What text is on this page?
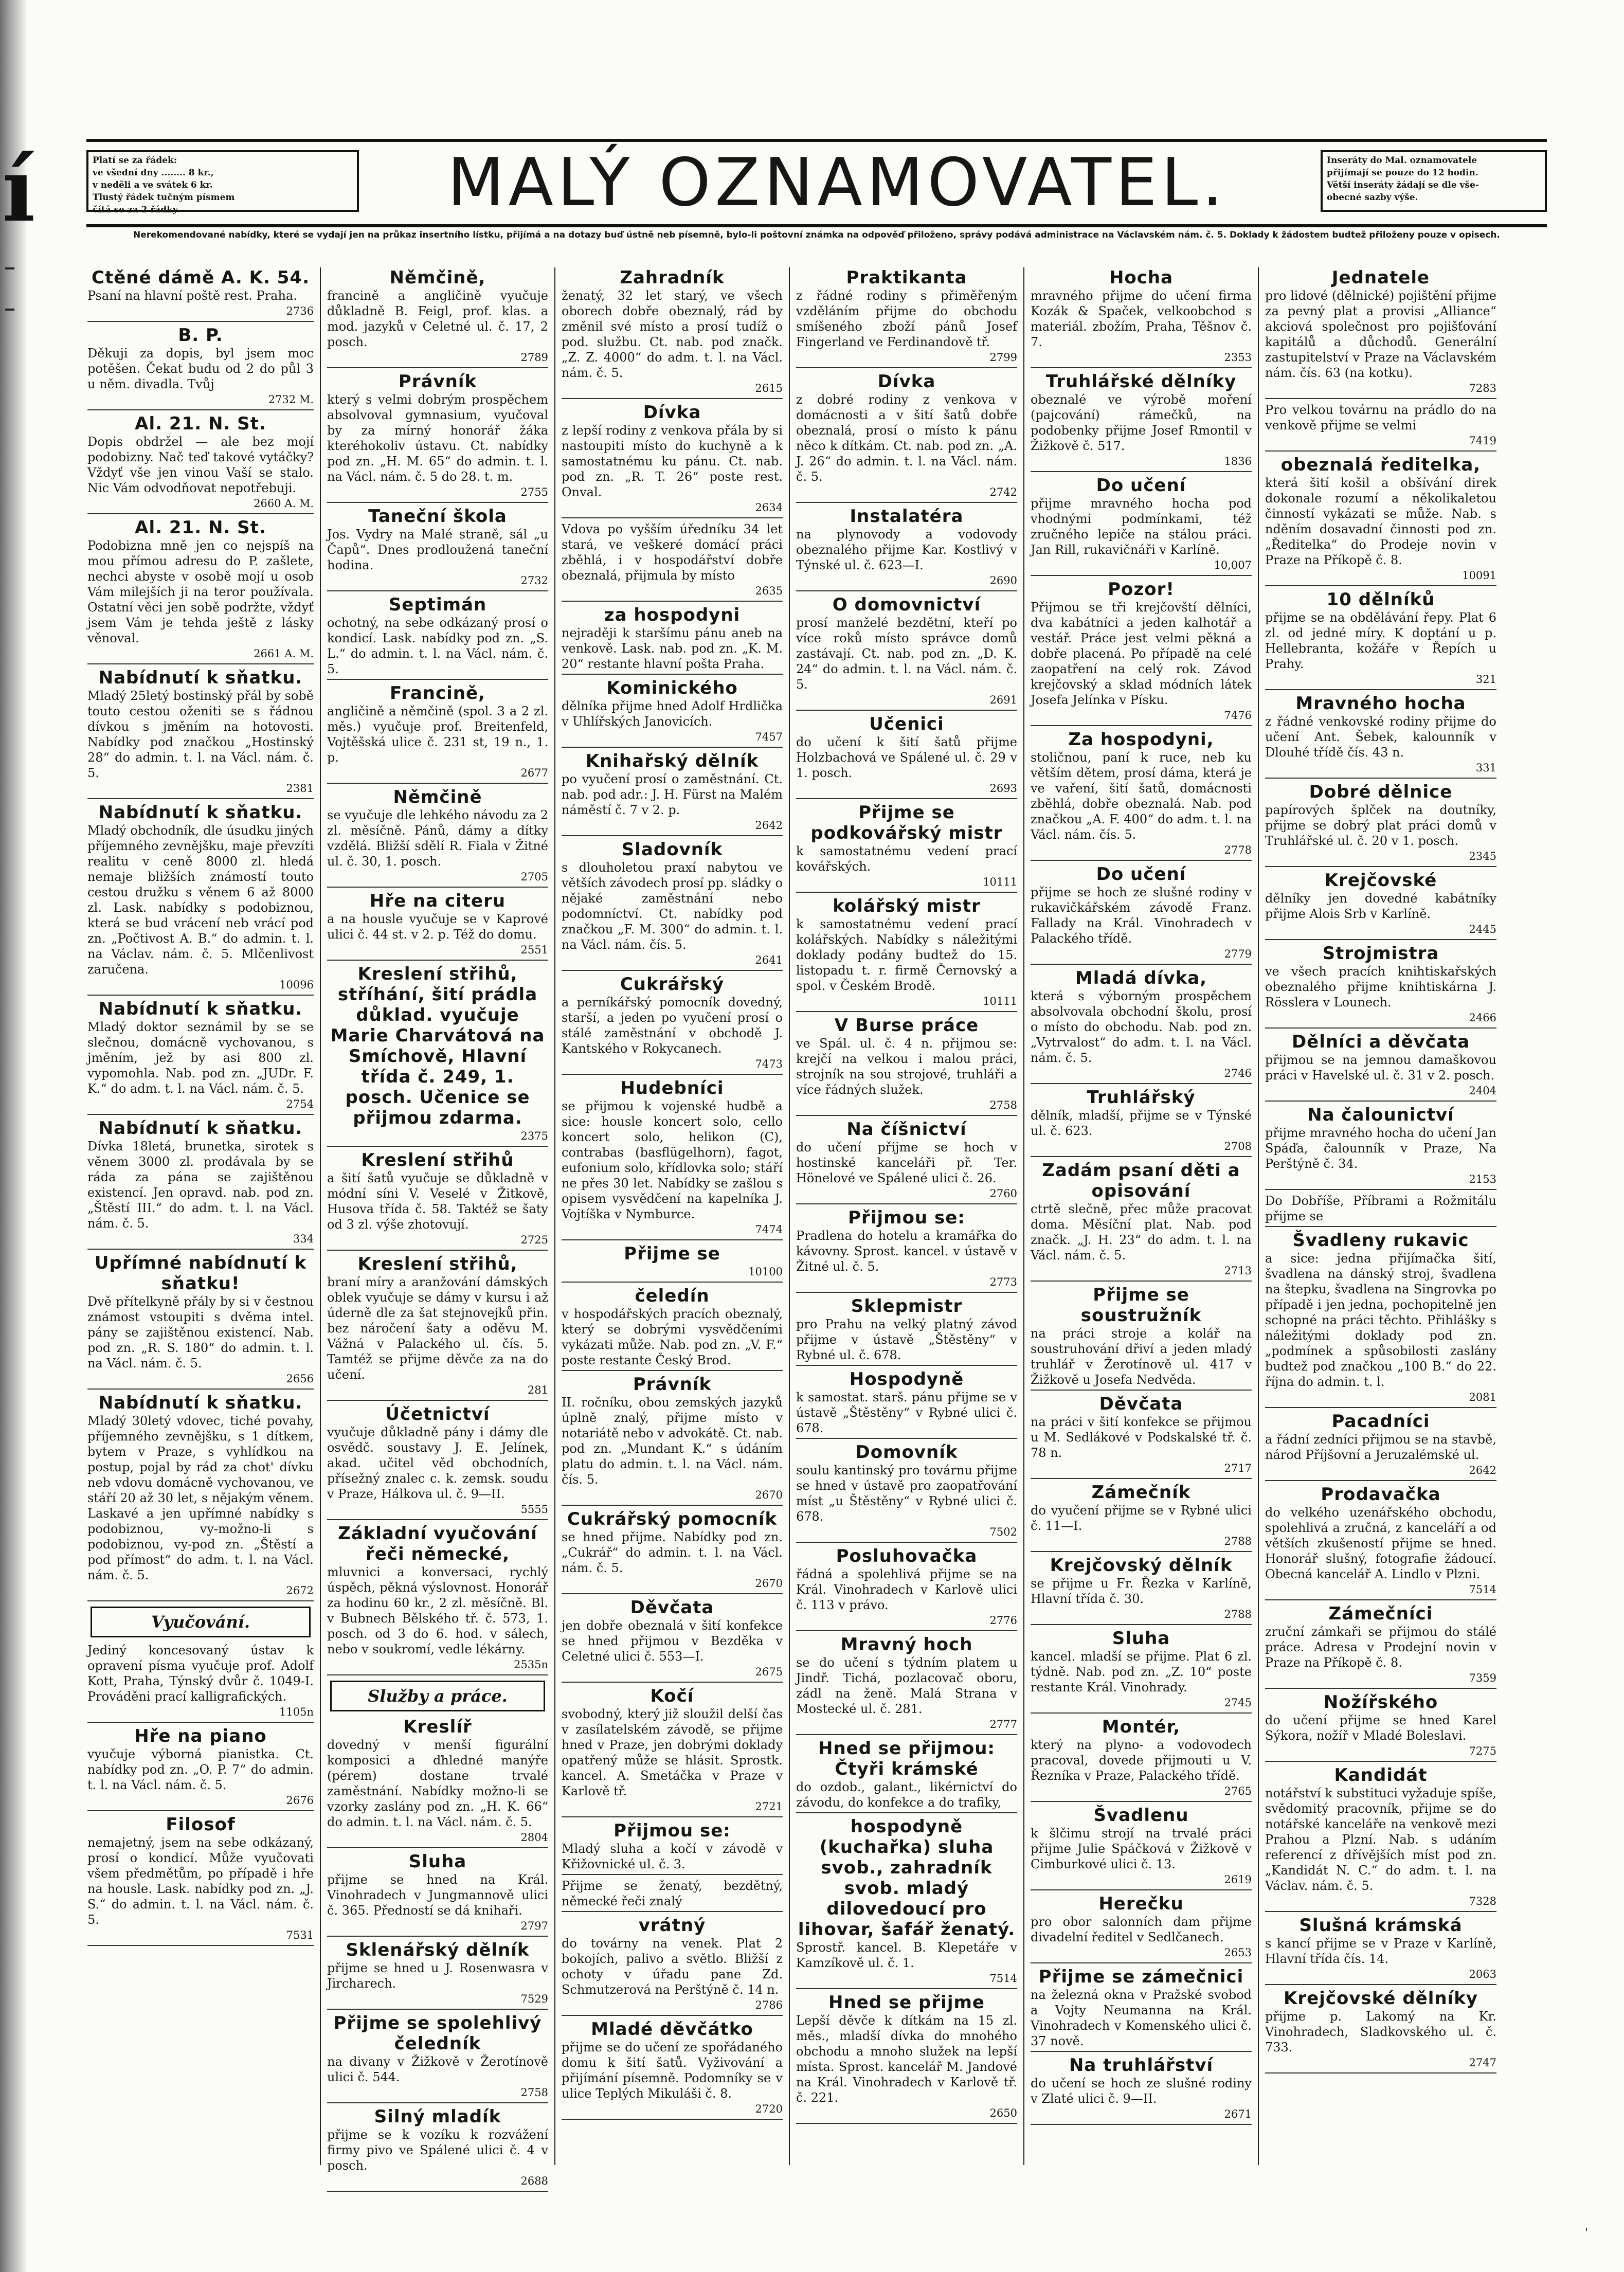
í	Platí se za řádek:
ve všední dny ........ 8 kr.,
v neděli a ve svátek 6 kr.
Tlustý řádek tučným písmem
čítá se za 2 řádky.	MALÝ OZNAMOVATEL.	Inseráty do Mal. oznamovatele
přijímají se pouze do 12 hodin.
Větší inseráty žádají se dle vše-
obecné sazby výše.
Nerekomendované nabídky, které se vydají jen na průkaz insertního lístku, přijímá a na dotazy buď ústně neb písemně, bylo-li poštovní známka na odpověď přiloženo, správy podává administrace na Václavském nám. č. 5. Doklady k žádostem budtež přiloženy pouze v opisech.
Ctěné dámě A. K. 54.
Psaní na hlavní poště rest. Praha.
2736
B. P.
Děkuji za dopis, byl jsem moc potěšen. Čekat budu od 2 do půl 3 u něm. divadla. Tvůj
2732 M.
Al. 21. N. St.
Dopis obdržel — ale bez mojí podobizny. Nač teď takové vytáčky? Vždyť vše jen vinou Vaší se stalo. Nic Vám odvodňovat nepotřebuji.
2660 A. M.
Al. 21. N. St.
Podobizna mně jen co nejspíš na mou přímou adresu do P. zašlete, nechci abyste v osobě mojí u osob Vám milejších ji na teror používala. Ostatní věci jen sobě podržte, vždyť jsem Vám je tehda ještě z lásky věnoval.
2661 A. M.
Nabídnutí k sňatku.
Mladý 25letý bostinský přál by sobě touto cestou oženiti se s řádnou dívkou s jměním na hotovosti. Nabídky pod značkou „Hostinský 28“ do admin. t. l. na Václ. nám. č. 5.
2381
Nabídnutí k sňatku.
Mladý obchodník, dle úsudku jiných příjemného zevnějšku, maje převzíti realitu v ceně 8000 zl. hledá nemaje bližších známostí touto cestou družku s věnem 6 až 8000 zl. Lask. nabídky s podobiznou, která se bud vrácení neb vrácí pod zn. „Počtivost A. B.“ do admin. t. l. na Václav. nám. č. 5. Mlčenlivost zaručena.
10096
Nabídnutí k sňatku.
Mladý doktor seznámil by se se slečnou, domácně vychovanou, s jměním, jež by asi 800 zl. vypomohla. Nab. pod zn. „JUDr. F. K.“ do adm. t. l. na Václ. nám. č. 5.
2754
Nabídnutí k sňatku.
Dívka 18letá, brunetka, sirotek s věnem 3000 zl. prodávala by se ráda za pána se zajištěnou existencí. Jen opravd. nab. pod zn. „Štěstí III.“ do adm. t. l. na Václ. nám. č. 5.
334
Upřímné nabídnutí k sňatku!
Dvě přítelkyně přály by si v čestnou známost vstoupiti s dvěma intel. pány se zajištěnou existencí. Nab. pod zn. „R. S. 180“ do admin. t. l. na Václ. nám. č. 5.
2656
Nabídnutí k sňatku.
Mladý 30letý vdovec, tiché povahy, příjemného zevnějšku, s 1 dítkem, bytem v Praze, s vyhlídkou na postup, pojal by rád za chot' dívku neb vdovu domácně vychovanou, ve stáří 20 až 30 let, s nějakým věnem. Laskavé a jen upřímné nabídky s podobiznou, vy-možno-li s podobiznou, vy-pod zn. „Štěstí a pod přímost“ do adm. t. l. na Václ. nám. č. 5.
2672
Vyučování.
Jediný koncesovaný ústav k opravení písma vyučuje prof. Adolf Kott, Praha, Týnský dvůr č. 1049-I. Prováděni prací kalligrafických.
1105n
Hře na piano
vyučuje výborná pianistka. Ct. nabídky pod zn. „O. P. 7“ do admin. t. l. na Václ. nám. č. 5.
2676
Filosof
nemajetný, jsem na sebe odkázaný, prosí o kondicí. Může vyučovati všem předmětům, po případě i hře na housle. Lask. nabídky pod zn. „J. S.“ do admin. t. l. na Václ. nám. č. 5.
7531
Němčině,
francině a angličině vyučuje důkladně B. Feigl, prof. klas. a mod. jazyků v Celetné ul. č. 17, 2 posch.
2789
Právník
který s velmi dobrým prospěchem absolvoval gymnasium, vyučoval by za mírný honorář žáka kteréhokoliv ústavu. Ct. nabídky pod zn. „H. M. 65“ do admin. t. l. na Václ. nám. č. 5 do 28. t. m.
2755
Taneční škola
Jos. Vydry na Malé straně, sál „u Čapů“. Dnes prodloužená taneční hodina.
2732
Septimán
ochotný, na sebe odkázaný prosí o kondicí. Lask. nabídky pod zn. „S. L.“ do admin. t. l. na Václ. nám. č. 5.
Francině,
angličině a němčině (spol. 3 a 2 zl. měs.) vyučuje prof. Breitenfeld, Vojtěšská ulice č. 231 st, 19 n., 1. p.
2677
Němčině
se vyučuje dle lehkého návodu za 2 zl. měsíčně. Pánů, dámy a dítky vzdělá. Bližší sdělí R. Fiala v Žitné ul. č. 30, 1. posch.
2705
Hře na citeru
a na housle vyučuje se v Kaprové ulici č. 44 st. v 2. p. Též do domu.
2551
Kreslení střihů, stříhání, šití prádla důklad. vyučuje Marie Charvátová na Smíchově, Hlavní třída č. 249, 1. posch. Učenice se přijmou zdarma.
2375
Kreslení střihů
a šití šatů vyučuje se důkladně v módní síni V. Veselé v Žitkově, Husova třída č. 58. Taktéž se šaty od 3 zl. výše zhotovují.
2725
Kreslení střihů,
braní míry a aranžování dámských oblek vyučuje se dámy v kursu i až úderně dle za šat stejnovejků přin. bez náročení šaty a oděvu M. Vážná v Palackého ul. čís. 5. Tamtéž se přijme děvče za na do učení.
281
Účetnictví
vyučuje důkladně pány i dámy dle osvědč. soustavy J. E. Jelínek, akad. učitel věd obchodních, přísežný znalec c. k. zemsk. soudu v Praze, Hálkova ul. č. 9—II.
5555
Základní vyučování řeči německé,
mluvnici a konversaci, rychlý úspěch, pěkná výslovnost. Honorář za hodinu 60 kr., 2 zl. měsíčně. Bl. v Bubnech Bělského tř. č. 573, 1. posch. od 3 do 6. hod. v sálech, nebo v soukromí, vedle lékárny.
2535n
Služby a práce.
Kreslíř
dovedný v menší figurální komposici a ďhledné manýře (pérem) dostane trvalé zaměstnání. Nabídky možno-li se vzorky zaslány pod zn. „H. K. 66“ do admin. t. l. na Václ. nám. č. 5.
2804
Sluha
přijme se hned na Král. Vinohradech v Jungmannově ulici č. 365. Předností se dá knihaři.
2797
Sklenářský dělník
přijme se hned u J. Rosenwasra v Jircharech.
7529
Přijme se spolehlivý čeledník
na divany v Žižkově v Žerotínově ulici č. 544.
2758
Silný mladík
přijme se k vozíku k rozvážení firmy pivo ve Spálené ulici č. 4 v posch.
2688
Zahradník
ženatý, 32 let starý, ve všech oborech dobře obeznalý, rád by změnil své místo a prosí tudíž o pod. službu. Ct. nab. pod značk. „Z. Z. 4000“ do adm. t. l. na Václ. nám. č. 5.
2615
Dívka
z lepší rodiny z venkova přála by si nastoupiti místo do kuchyně a k samostatnému ku pánu. Ct. nab. pod zn. „R. T. 26“ poste rest. Onval.
2634
Vdova po vyšším úředníku 34 let stará, ve veškeré domácí práci zběhlá, i v hospodářství dobře obeznalá, přijmula by místo
2635
za hospodyni
nejraději k staršímu pánu aneb na venkově. Lask. nab. pod zn. „K. M. 20“ restante hlavní pošta Praha.
Kominického
dělníka přijme hned Adolf Hrdlička v Uhlířských Janovicích.
7457
Knihařský dělník
po vyučení prosí o zaměstnání. Ct. nab. pod adr.: J. H. Fürst na Malém náměstí č. 7 v 2. p.
2642
Sladovník
s dlouholetou praxí nabytou ve větších závodech prosí pp. sládky o nějaké zaměstnání nebo podomníctví. Ct. nabídky pod značkou „F. M. 300“ do admin. t. l. na Václ. nám. čís. 5.
2641
Cukrářský
a perníkářský pomocník dovedný, starší, a jeden po vyučení prosí o stálé zaměstnání v obchodě J. Kantského v Rokycanech.
7473
Hudebníci
se přijmou k vojenské hudbě a sice: housle koncert solo, cello koncert solo, helikon (C), contrabas (basflügelhorn), fagot, eufonium solo, křídlovka solo; stáří ne přes 30 let. Nabídky se zašlou s opisem vysvědčení na kapelníka J. Vojtíška v Nymburce.
7474
Přijme se
10100
čeledín
v hospodářských pracích obeznalý, který se dobrými vysvědčeními vykázati může. Nab. pod zn. „V. F.“ poste restante Český Brod.
Právník
II. ročníku, obou zemských jazyků úplně znalý, přijme místo v notariátě nebo v advokátě. Ct. nab. pod zn. „Mundant K.“ s údáním platu do admin. t. l. na Václ. nám. čís. 5.
2670
Cukrářský pomocník
se hned přijme. Nabídky pod zn. „Cukrář“ do admin. t. l. na Václ. nám. č. 5.
2670
Děvčata
jen dobře obeznalá v šití konfekce se hned přijmou v Bezděka v Celetné ulici č. 553—I.
2675
Kočí
svobodný, který již sloužil delší čas v zasílatelském závodě, se přijme hned v Praze, jen dobrými doklady opatřený může se hlásit. Sprostk. kancel. A. Smetáčka v Praze v Karlově tř.
2721
Přijmou se:
Mladý sluha a kočí v závodě v Křižovnické ul. č. 3.
Přijme se ženatý, bezdětný, německé řeči znalý
vrátný
do továrny na venek. Plat 2 bokojích, palivo a světlo. Bližší z ochoty v úřadu pane Zd. Schmutzerová na Perštýně č. 14 n.
2786
Mladé děvčátko
přijme se do učení ze spořádaného domu k šití šatů. Vyživování a přijímání písemně. Podomníky se v ulice Teplých Mikuláši č. 8.
2720
Praktikanta
z řádné rodiny s přiměřeným vzděláním přijme do obchodu smíšeného zboží pánů Josef Fingerland ve Ferdinandově tř.
2799
Dívka
z dobré rodiny z venkova v domácnosti a v šití šatů dobře obeznalá, prosí o místo k pánu něco k dítkám. Ct. nab. pod zn. „A. J. 26“ do admin. t. l. na Václ. nám. č. 5.
2742
Instalatéra
na plynovody a vodovody obeznalého přijme Kar. Kostlivý v Týnské ul. č. 623—I.
2690
O domovnictví
prosí manželé bezdětní, kteří po více roků místo správce domů zastávají. Ct. nab. pod zn. „D. K. 24“ do admin. t. l. na Václ. nám. č. 5.
2691
Učenici
do učení k šití šatů přijme Holzbachová ve Spálené ul. č. 29 v 1. posch.
2693
Přijme se podkovářský mistr
k samostatnému vedení prací kovářských.
10111
kolářský mistr
k samostatnému vedení prací kolářských. Nabídky s náležitými doklady podány budtež do 15. listopadu t. r. firmě Černovský a spol. v Českém Brodě.
10111
V Burse práce
ve Spál. ul. č. 4 n. přijmou se: krejčí na velkou i malou práci, strojník na sou strojové, truhláři a více řádných služek.
2758
Na číšnictví
do učení přijme se hoch v hostinské kanceláři př. Ter. Hönelové ve Spálené ulici č. 26.
2760
Přijmou se:
Pradlena do hotelu a kramářka do kávovny. Sprost. kancel. v ústavě v Žitné ul. č. 5.
2773
Sklepmistr
pro Prahu na velký platný závod přijme v ústavě „Štěstěny“ v Rybné ul. č. 678.
Hospodyně
k samostat. starš. pánu přijme se v ústavě „Štěstěny“ v Rybné ulici č. 678.
Domovník
soulu kantinský pro továrnu přijme se hned v ústavě pro zaopatřování míst „u Štěstěny“ v Rybné ulici č. 678.
7502
Posluhovačka
řádná a spolehlivá přijme se na Král. Vinohradech v Karlově ulici č. 113 v právo.
2776
Mravný hoch
se do učení s týdním platem u Jindř. Tichá, pozlacovač oboru, zádl na ženě. Malá Strana v Mostecké ul. č. 281.
2777
Hned se přijmou: Čtyři krámské
do ozdob., galant., likérnictví do závodu, do konfekce a do trafiky,
hospodyně (kuchařka) sluha svob., zahradník svob. mladý dilovedoucí pro lihovar, šafář ženatý.
Sprostř. kancel. B. Klepetáře v Kamzíkově ul. č. 1.
7514
Hned se přijme
Lepší děvče k dítkám na 15 zl. měs., mladší dívka do mnohého obchodu a mnoho služek na lepší místa. Sprost. kancelář M. Jandové na Král. Vinohradech v Karlově tř. č. 221.
2650
Hocha
mravného přijme do učení firma Kozák & Spaček, velkoobchod s materiál. zbožím, Praha, Těšnov č. 7.
2353
Truhlářské dělníky
obeznalé ve výrobě moření (pajcování) rámečků, na podobenky přijme Josef Rmontil v Žižkově č. 517.
1836
Do učení
přijme mravného hocha pod vhodnými podmínkami, též zručného lepiče na stálou práci. Jan Rill, rukavičnáři v Karlíně.
10,007
Pozor!
Přijmou se tři krejčovští dělníci, dva kabátníci a jeden kalhotář a vestář. Práce jest velmi pěkná a dobře placená. Po případě na celé zaopatření na celý rok. Závod krejčovský a sklad módních látek Josefa Jelínka v Písku.
7476
Za hospodyni,
stoličnou, paní k ruce, neb ku větším dětem, prosí dáma, která je ve vaření, šití šatů, domácnosti zběhlá, dobře obeznalá. Nab. pod značkou „A. F. 400“ do adm. t. l. na Václ. nám. čís. 5.
2778
Do učení
přijme se hoch ze slušné rodiny v rukavičkářském závodě Franz. Fallady na Král. Vinohradech v Palackého třídě.
2779
Mladá dívka,
která s výborným prospěchem absolvovala obchodní školu, prosí o místo do obchodu. Nab. pod zn. „Vytrvalost“ do adm. t. l. na Václ. nám. č. 5.
2746
Truhlářský
dělník, mladší, přijme se v Týnské ul. č. 623.
2708
Zadám psaní děti a opisování
ctrtě slečně, přec může pracovat doma. Měsíční plat. Nab. pod značk. „J. H. 23“ do adm. t. l. na Václ. nám. č. 5.
2713
Přijme se soustružník
na práci stroje a kolář na soustruhování dřiví a jeden mladý truhlář v Žerotínově ul. 417 v Žižkově u Josefa Nedvěda.
Děvčata
na práci v šití konfekce se přijmou u M. Sedlákové v Podskalské tř. č. 78 n.
2717
Zámečník
do vyučení přijme se v Rybné ulici č. 11—I.
2788
Krejčovský dělník
se přijme u Fr. Řezka v Karlíně, Hlavní třída č. 30.
2788
Sluha
kancel. mladší se přijme. Plat 6 zl. týdně. Nab. pod zn. „Z. 10“ poste restante Král. Vinohrady.
2745
Montér,
který na plyno- a vodovodech pracoval, dovede přijmouti u V. Řezníka v Praze, Palackého třídě.
2765
Švadlenu
k šlčimu strojí na trvalé práci přijme Julie Spáčková v Žižkově v Cimburkové ulici č. 13.
2619
Herečku
pro obor salonních dam přijme divadelní ředitel v Sedlčanech.
2653
Přijme se zámečnici
na železná okna v Pražské svobod a Vojty Neumanna na Král. Vinohradech v Komenského ulici č. 37 nově.
Na truhlářství
do učení se hoch ze slušné rodiny v Zlaté ulici č. 9—II.
2671
Jednatele
pro lidové (dělnické) pojištění přijme za pevný plat a provisi „Alliance“ akciová společnost pro pojišťování kapitálů a důchodů. Generální zastupitelství v Praze na Václavském nám. čís. 63 (na kotku).
7283
Pro velkou továrnu na prádlo do na venkově přijme se velmi
7419
obeznalá ředitelka,
která šití košil a obšívání direk dokonale rozumí a několikaletou činností vykázati se může. Nab. s nděním dosavadní činnosti pod zn. „Ředitelka“ do Prodeje novin v Praze na Příkopě č. 8.
10091
10 dělníků
přijme se na obdělávání řepy. Plat 6 zl. od jedné míry. K doptání u p. Hellebranta, kožáře v Řepích u Prahy.
321
Mravného hocha
z řádné venkovské rodiny přijme do učení Ant. Šebek, kalounník v Dlouhé třídě čís. 43 n.
331
Dobré dělnice
papírových šplček na doutníky, přijme se dobrý plat práci domů v Truhlářské ul. č. 20 v 1. posch.
2345
Krejčovské
dělníky jen dovedné kabátníky přijme Alois Srb v Karlíně.
2445
Strojmistra
ve všech pracích knihtiskařských obeznalého přijme knihtiskárna J. Rösslera v Lounech.
2466
Dělníci a děvčata
přijmou se na jemnou damaškovou práci v Havelské ul. č. 31 v 2. posch.
2404
Na čalounictví
přijme mravného hocha do učení Jan Spáďa, čalounník v Praze, Na Perštýně č. 34.
2153
Do Dobříše, Příbrami a Rožmitálu přijme se
Švadleny rukavic
a sice: jedna přijímačka šití, švadlena na dánský stroj, švadlena na štepku, švadlena na Singrovka po případě i jen jedna, pochopitelně jen schopné na práci těchto. Přihlášky s náležitými doklady pod zn. „podmínek a spůsobilosti zaslány budtež pod značkou „100 B.“ do 22. října do admin. t. l.
2081
Pacadníci
a řádní zedníci přijmou se na stavbě, národ Příjšovní a Jeruzalémské ul.
2642
Prodavačka
do velkého uzenářského obchodu, spolehlivá a zručná, z kanceláří a od větších zkušeností přijme se hned. Honorář slušný, fotografie žádoucí. Obecná kancelář A. Lindlo v Plzni.
7514
Zámečníci
zruční zámkaři se přijmou do stálé práce. Adresa v Prodejní novin v Praze na Příkopě č. 8.
7359
Nožířského
do učení přijme se hned Karel Sýkora, nožíř v Mladé Boleslavi.
7275
Kandidát
notářství k substituci vyžaduje spíše, svědomitý pracovník, přijme se do notářské kanceláře na venkově mezi Prahou a Plzní. Nab. s udáním referencí z dřívějších míst pod zn. „Kandidát N. C.“ do adm. t. l. na Václav. nám. č. 5.
7328
Slušná krámská
s kancí přijme se v Praze v Karlíně, Hlavní třída čís. 14.
2063
Krejčovské dělníky
přijme p. Lakomý na Kr. Vinohradech, Sladkovského ul. č. 733.
2747
'
